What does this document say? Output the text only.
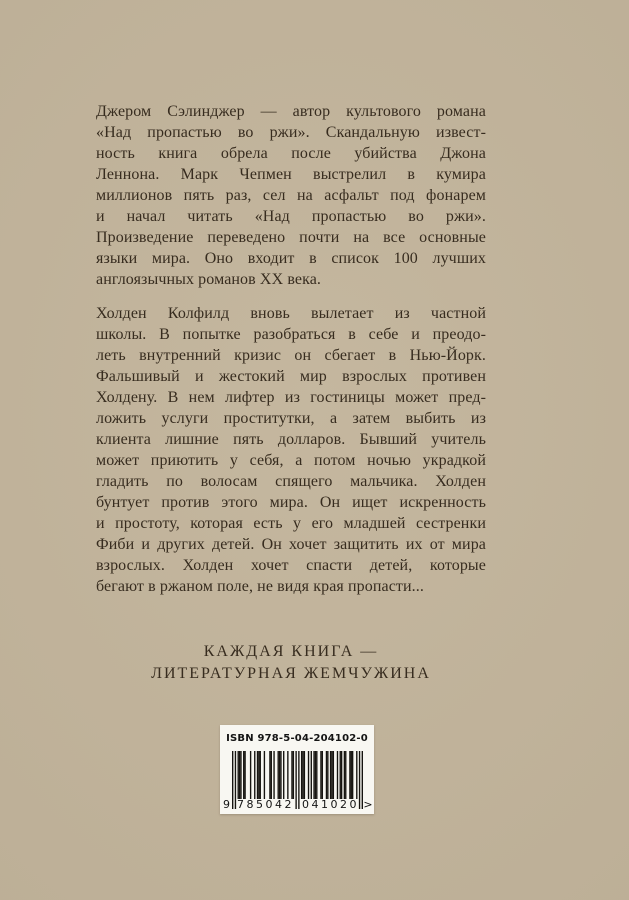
Джером Сэлинджер — автор культового романа
«Над пропастью во ржи». Скандальную извест-
ность книга обрела после убийства Джона
Леннона. Марк Чепмен выстрелил в кумира
миллионов пять раз, сел на асфальт под фонарем
и начал читать «Над пропастью во ржи».
Произведение переведено почти на все основные
языки мира. Оно входит в список 100 лучших
англоязычных романов XX века.
Холден Колфилд вновь вылетает из частной
школы. В попытке разобраться в себе и преодо-
леть внутренний кризис он сбегает в Нью-Йорк.
Фальшивый и жестокий мир взрослых противен
Холдену. В нем лифтер из гостиницы может пред-
ложить услуги проститутки, а затем выбить из
клиента лишние пять долларов. Бывший учитель
может приютить у себя, а потом ночью украдкой
гладить по волосам спящего мальчика. Холден
бунтует против этого мира. Он ищет искренность
и простоту, которая есть у его младшей сестренки
Фиби и других детей. Он хочет защитить их от мира
взрослых. Холден хочет спасти детей, которые
бегают в ржаном поле, не видя края пропасти...
КАЖДАЯ КНИГА —
ЛИТЕРАТУРНАЯ ЖЕМЧУЖИНА
ISBN 978-5-04-204102-0
9 785042 041020 >
